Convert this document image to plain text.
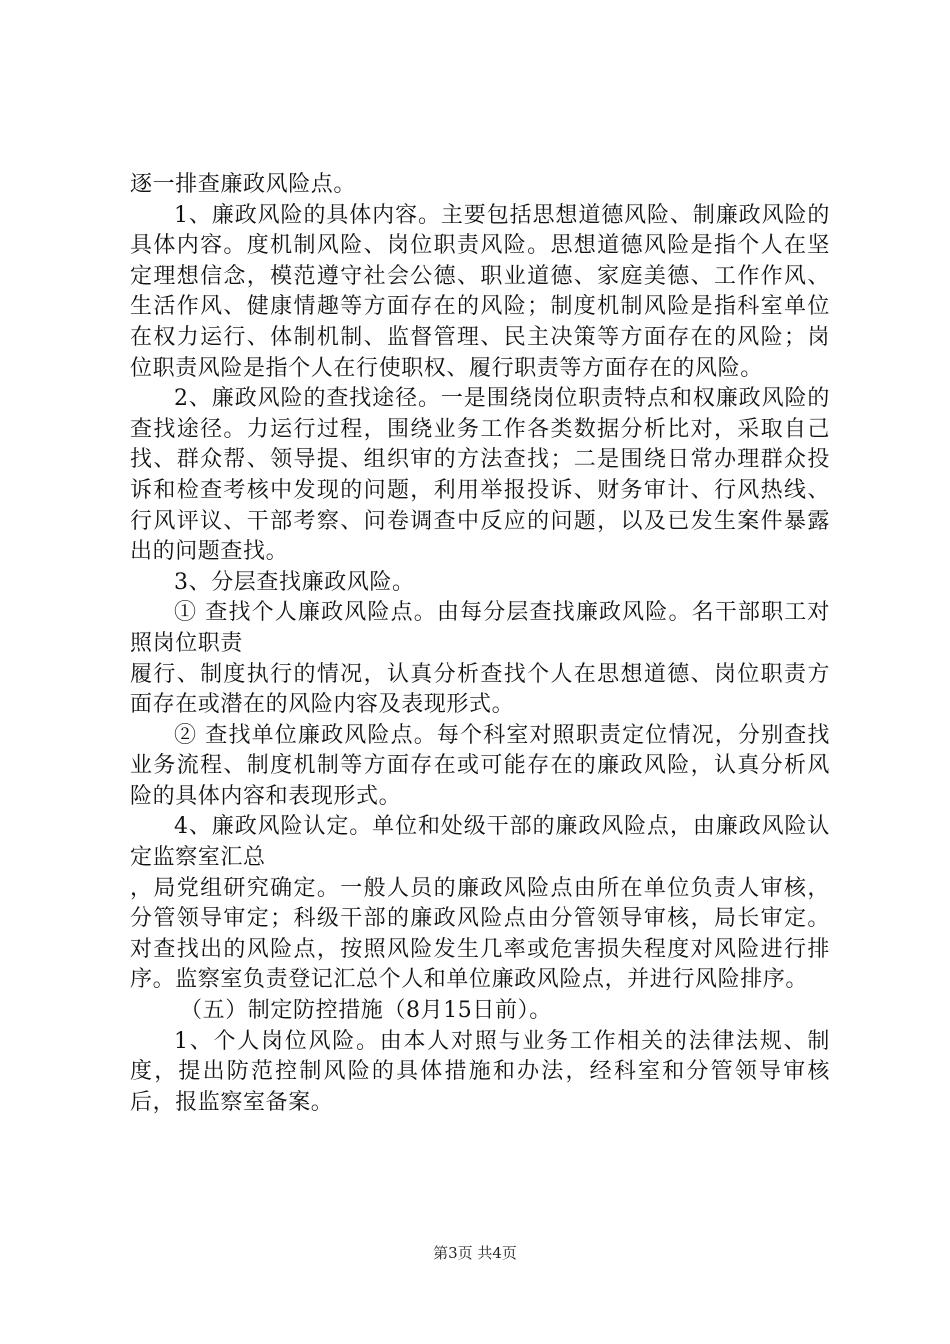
逐一排查廉政风险点。

1、廉政风险的具体内容。主要包括思想道德风险、制廉政风险的具体内容。度机制风险、岗位职责风险。思想道德风险是指个人在坚定理想信念，模范遵守社会公德、职业道德、家庭美德、工作作风、生活作风、健康情趣等方面存在的风险；制度机制风险是指科室单位在权力运行、体制机制、监督管理、民主决策等方面存在的风险；岗位职责风险是指个人在行使职权、履行职责等方面存在的风险。

2、廉政风险的查找途径。一是围绕岗位职责特点和权廉政风险的查找途径。力运行过程，围绕业务工作各类数据分析比对，采取自己找、群众帮、领导提、组织审的方法查找；二是围绕日常办理群众投诉和检查考核中发现的问题，利用举报投诉、财务审计、行风热线、行风评议、干部考察、问卷调查中反应的问题，以及已发生案件暴露出的问题查找。

3、分层查找廉政风险。

① 查找个人廉政风险点。由每分层查找廉政风险。名干部职工对照岗位职责

履行、制度执行的情况，认真分析查找个人在思想道德、岗位职责方面存在或潜在的风险内容及表现形式。

② 查找单位廉政风险点。每个科室对照职责定位情况，分别查找业务流程、制度机制等方面存在或可能存在的廉政风险，认真分析风险的具体内容和表现形式。

4、廉政风险认定。单位和处级干部的廉政风险点，由廉政风险认定监察室汇总

，局党组研究确定。一般人员的廉政风险点由所在单位负责人审核，分管领导审定；科级干部的廉政风险点由分管领导审核，局长审定。对查找出的风险点，按照风险发生几率或危害损失程度对风险进行排序。监察室负责登记汇总个人和单位廉政风险点，并进行风险排序。

（五）制定防控措施（8月15日前）。

1、个人岗位风险。由本人对照与业务工作相关的法律法规、制度，提出防范控制风险的具体措施和办法，经科室和分管领导审核后，报监察室备案。

第3页 共4页
